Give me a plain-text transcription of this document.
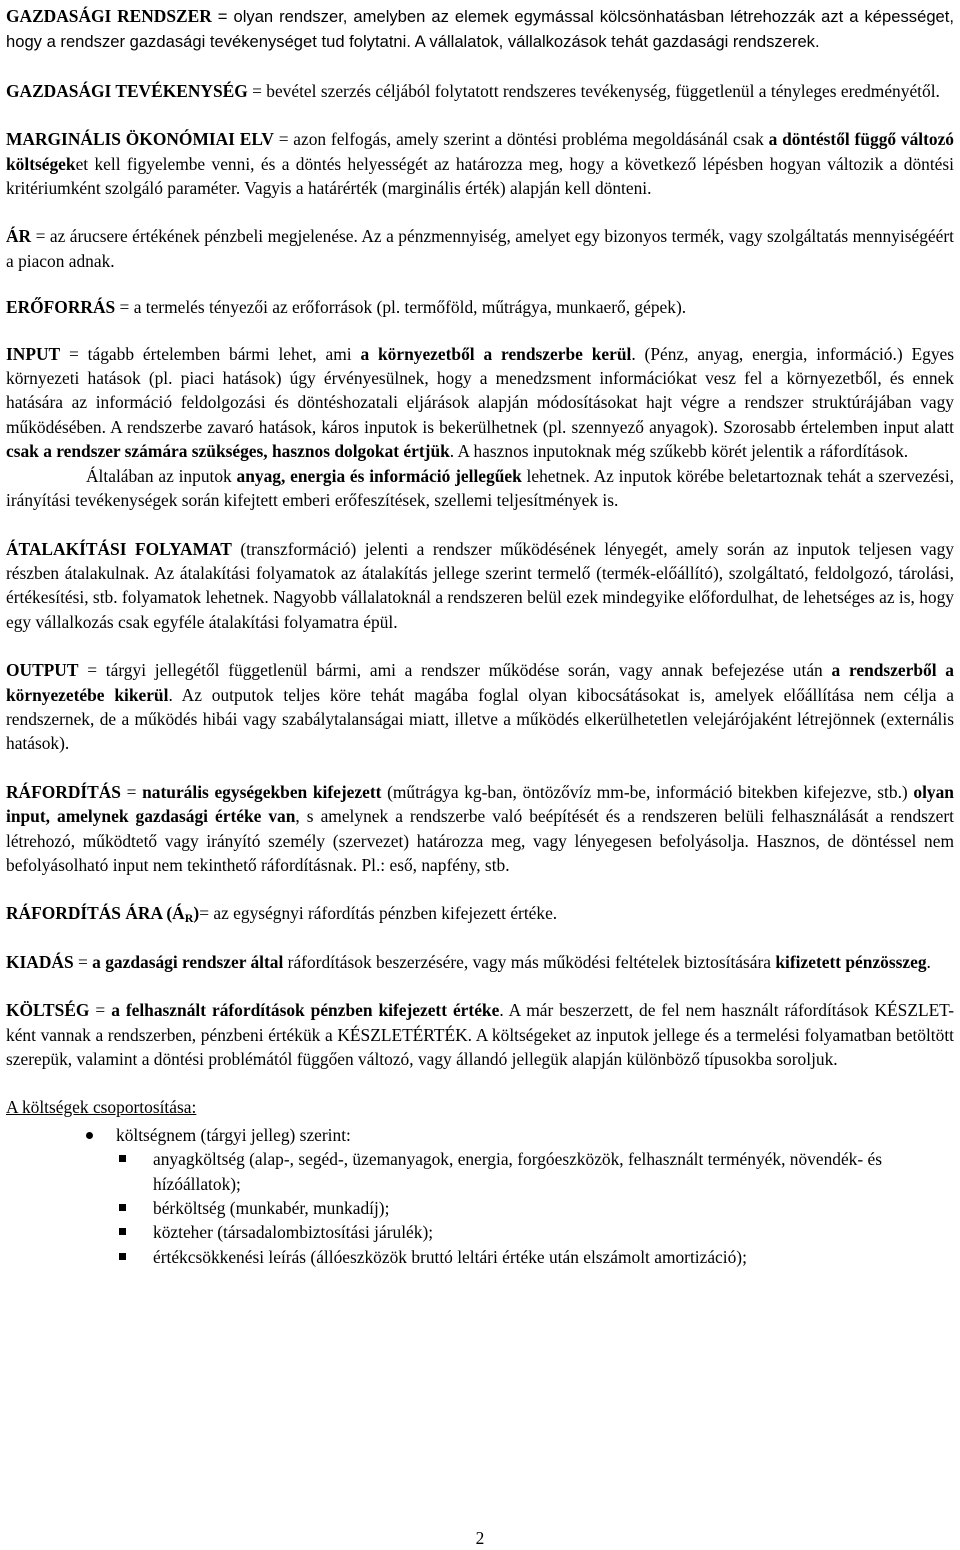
GAZDASÁGI RENDSZER = olyan rendszer, amelyben az elemek egymással kölcsönhatásban létrehozzák azt a képességet, hogy a rendszer gazdasági tevékenységet tud folytatni. A vállalatok, vállalkozások tehát gazdasági rendszerek.

GAZDASÁGI TEVÉKENYSÉG = bevétel szerzés céljából folytatott rendszeres tevékenység, függetlenül a tényleges eredményétől.

MARGINÁLIS ÖKONÓMIAI ELV = azon felfogás, amely szerint a döntési probléma megoldásánál csak a döntéstől függő változó költségeket kell figyelembe venni, és a döntés helyességét az határozza meg, hogy a következő lépésben hogyan változik a döntési kritériumként szolgáló paraméter. Vagyis a határérték (marginális érték) alapján kell dönteni.

ÁR = az árucsere értékének pénzbeli megjelenése. Az a pénzmennyiség, amelyet egy bizonyos termék, vagy szolgáltatás mennyiségéért a piacon adnak.

ERŐFORRÁS = a termelés tényezői az erőforrások (pl. termőföld, műtrágya, munkaerő, gépek).

INPUT = tágabb értelemben bármi lehet, ami a környezetből a rendszerbe kerül. (Pénz, anyag, energia, információ.) Egyes környezeti hatások (pl. piaci hatások) úgy érvényesülnek, hogy a menedzsment információkat vesz fel a környezetből, és ennek hatására az információ feldolgozási és döntéshozatali eljárások alapján módosításokat hajt végre a rendszer struktúrájában vagy működésében. A rendszerbe zavaró hatások, káros inputok is bekerülhetnek (pl. szennyező anyagok). Szorosabb értelemben input alatt csak a rendszer számára szükséges, hasznos dolgokat értjük. A hasznos inputoknak még szűkebb körét jelentik a ráfordítások.

Általában az inputok anyag, energia és információ jellegűek lehetnek. Az inputok körébe beletartoznak tehát a szervezési, irányítási tevékenységek során kifejtett emberi erőfeszítések, szellemi teljesítmények is.

ÁTALAKÍTÁSI FOLYAMAT (transzformáció) jelenti a rendszer működésének lényegét, amely során az inputok teljesen vagy részben átalakulnak. Az átalakítási folyamatok az átalakítás jellege szerint termelő (termék-előállító), szolgáltató, feldolgozó, tárolási, értékesítési, stb. folyamatok lehetnek. Nagyobb vállalatoknál a rendszeren belül ezek mindegyike előfordulhat, de lehetséges az is, hogy egy vállalkozás csak egyféle átalakítási folyamatra épül.

OUTPUT = tárgyi jellegétől függetlenül bármi, ami a rendszer működése során, vagy annak befejezése után a rendszerből a környezetébe kikerül. Az outputok teljes köre tehát magába foglal olyan kibocsátásokat is, amelyek előállítása nem célja a rendszernek, de a működés hibái vagy szabálytalanságai miatt, illetve a működés elkerülhetetlen velejárójaként létrejönnek (externális hatások).

RÁFORDÍTÁS = naturális egységekben kifejezett (műtrágya kg-ban, öntözővíz mm-be, információ bitekben kifejezve, stb.) olyan input, amelynek gazdasági értéke van, s amelynek a rendszerbe való beépítését és a rendszeren belüli felhasználását a rendszert létrehozó, működtető vagy irányító személy (szervezet) határozza meg, vagy lényegesen befolyásolja. Hasznos, de döntéssel nem befolyásolható input nem tekinthető ráfordításnak. Pl.: eső, napfény, stb.

RÁFORDÍTÁS ÁRA $(Á_R)=$ az egységnyi ráfordítás pénzben kifejezett értéke.

KIADÁS = a gazdasági rendszer által ráfordítások beszerzésére, vagy más működési feltételek biztosítására kifizetett pénzösszeg.

KÖLTSÉG = a felhasznált ráfordítások pénzben kifejezett értéke. A már beszerzett, de fel nem használt ráfordítások KÉSZLET-ként vannak a rendszerben, pénzbeni értékük a KÉSZLETÉRTÉK. A költségeket az inputok jellege és a termelési folyamatban betöltött szerepük, valamint a döntési problémától függően változó, vagy állandó jellegük alapján különböző típusokba soroljuk.

A költségek csoportosítása:

költségnem (tárgyi jelleg) szerint:
anyagköltség (alap-, segéd-, üzemanyagok, energia, forgóeszközök, felhasznált terményék, növendék- és hízóállatok);
bérköltség (munkabér, munkadíj);
közteher (társadalombiztosítási járulék);
értékcsökkenési leírás (állóeszközök bruttó leltári értéke után elszámolt amortizáció);
2
